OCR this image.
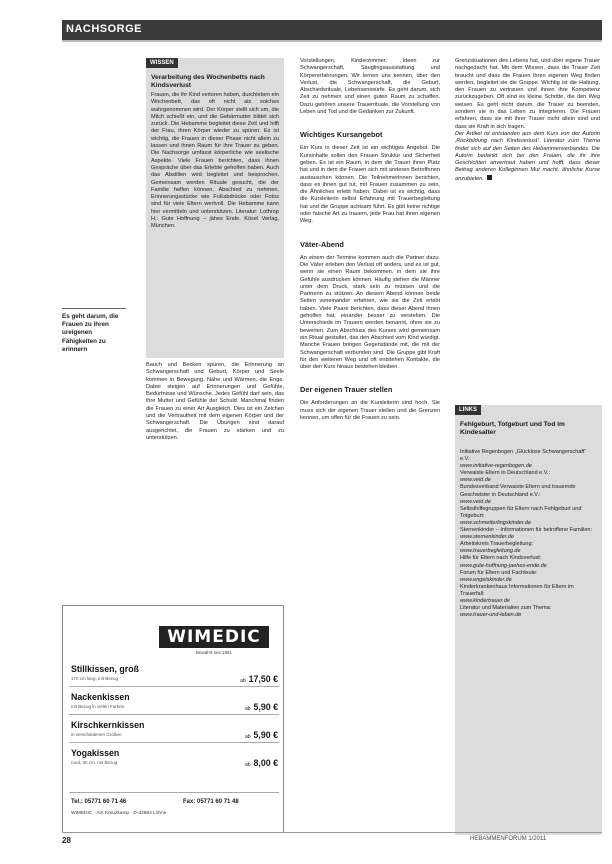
NACHSORGE
Es geht darum, die Frauen zu ihren ureigenen Fähigkeiten zu erinnern
WISSEN
Verarbeitung des Wochenbetts nach Kindsverlust
Frauen, die ihr Kind verloren haben, durchleben ein Wochenbett, das oft nicht als solches wahrgenommen wird. Der Körper stellt sich um, die Milch schießt ein, und die Gebärmutter bildet sich zurück. Die Hebamme begleitet diese Zeit und hilft der Frau, ihren Körper wieder zu spüren. Es ist wichtig, die Frauen in dieser Phase nicht allein zu lassen und ihnen Raum für ihre Trauer zu geben. Die Nachsorge umfasst körperliche wie seelische Aspekte. Viele Frauen berichten, dass ihnen Gespräche über das Erlebte geholfen haben. Auch das Abstillen wird begleitet und besprochen. Gemeinsam werden Rituale gesucht, die der Familie helfen können, Abschied zu nehmen. Erinnerungsstücke wie Fußabdrücke oder Fotos sind für viele Eltern wertvoll. Die Hebamme kann hier vermitteln und unterstützen. Literatur: Lothrop H.: Gute Hoffnung – jähes Ende. Kösel Verlag, München.

Bauch und Becken spüren, die Erinnerung an Schwangerschaft und Geburt, Körper und Seele kommen in Bewegung. Nähe und Wärmen, die Enge. Dabei steigen auf Erinnerungen und Gefühle, Bedürfnisse und Wünsche. Jedes Gefühl darf sein, das ihre Mutter und Gefühle der Schuld. Manchmal finden die Frauen zu einer Art Ausgleich. Dies ist ein Zeichen und die Vertrautheit mit dem eigenen Körper und der Schwangerschaft. Die Übungen sind darauf ausgerichtet, die Frauen zu stärken und zu unterstützen.

Vorstellungen, Kinderzimmer, Ideen zur Schwangerschaft, Säuglingsausstattung und Körpererfahrungen. Wir lernen uns kennen, über den Verlust, die Schwangerschaft, die Geburt, Abschiedsrituale, Lebensentwürfe. Es geht darum, sich Zeit zu nehmen und einen guten Raum zu schaffen. Dazu gehören unsere Trauerrituale, die Vorstellung von Leben und Tod und die Gedanken zur Zukunft.

Wichtiges Kursangebot

Ein Kurs in dieser Zeit ist ein wichtiges Angebot. Die Kursinhalte sollen den Frauen Struktur und Sicherheit geben. Es ist ein Raum, in dem die Trauer ihren Platz hat und in dem die Frauen sich mit anderen Betroffenen austauschen können. Die Teilnehmerinnen berichten, dass es ihnen gut tut, mit Frauen zusammen zu sein, die Ähnliches erlebt haben. Dabei ist es wichtig, dass die Kursleiterin selbst Erfahrung mit Trauerbegleitung hat und die Gruppe achtsam führt. Es gibt keine richtige oder falsche Art zu trauern, jede Frau hat ihren eigenen Weg.

Väter-Abend

An einem der Termine kommen auch die Partner dazu. Die Väter erleben den Verlust oft anders, und es ist gut, wenn sie einen Raum bekommen, in dem sie ihre Gefühle ausdrücken können. Häufig stehen die Männer unter dem Druck, stark sein zu müssen und die Partnerin zu stützen. An diesem Abend können beide Seiten voneinander erfahren, wie sie die Zeit erlebt haben. Viele Paare berichten, dass dieser Abend ihnen geholfen hat, einander besser zu verstehen. Die Unterschiede im Trauern werden benannt, ohne sie zu bewerten. Zum Abschluss des Kurses wird gemeinsam ein Ritual gestaltet, das den Abschied vom Kind würdigt. Manche Frauen bringen Gegenstände mit, die mit der Schwangerschaft verbunden sind. Die Gruppe gibt Kraft für den weiteren Weg und oft entstehen Kontakte, die über den Kurs hinaus bestehen bleiben.

Der eigenen Trauer stellen

Die Anforderungen an die Kursleiterin sind hoch. Sie muss sich der eigenen Trauer stellen und die Grenzen kennen, um offen für die Frauen zu sein.

Grenzsituationen des Lebens hat, und über eigene Trauer nachgedacht hat. Mit dem Wissen, dass die Trauer Zeit braucht und dass die Frauen ihren eigenen Weg finden werden, begleitet sie die Gruppe. Wichtig ist die Haltung, den Frauen zu vertrauen und ihnen ihre Kompetenz zurückzugeben. Oft sind es kleine Schritte, die den Weg weisen. Es geht nicht darum, die Trauer zu beenden, sondern sie in das Leben zu integrieren. Die Frauen erfahren, dass sie mit ihrer Trauer nicht allein sind und dass sie Kraft in sich tragen.

Der Artikel ist entstanden aus dem Kurs von der Autorin ‚Rückbildung nach Kindsverlust'. Literatur zum Thema findet sich auf den Seiten des Hebammenverbandes. Die Autorin bedankt sich bei den Frauen, die ihr ihre Geschichten anvertraut haben und hofft, dass dieser Beitrag anderen Kolleginnen Mut macht, ähnliche Kurse anzubieten.

LINKS
Fehlgeburt, Totgeburt und Tod im Kindesalter
Initiative Regenbogen „Glücklose Schwangerschaft“ e.V.:
www.initiative-regenbogen.de
Verwaiste Eltern in Deutschland e.V.:
www.veid.de
Bundesverband Verwaiste Eltern und trauernde Geschwister in Deutschland e.V.:
www.veid.de
Selbsthilfegruppen für Eltern nach Fehlgeburt und Totgeburt:
www.schmetterlingskinder.de
Sternenkinder – Informationen für betroffene Familien:
www.sternenkinder.de
Arbeitskreis Trauerbegleitung:
www.trauerbegleitung.de
Hilfe für Eltern nach Kindsverlust:
www.gute-hoffnung-jaehes-ende.de
Forum für Eltern und Fachleute:
www.engelskinder.de
Kinderkrankenhaus Informationen für Eltern im Trauerfall:
www.kindertrauer.de
Literatur und Materialien zum Thema:
www.trauer-und-leben.de
WIMEDIC
Bewährt seit 1981
Stillkissen, groß
170 cm lang, mit Bezug	ab 17,50 €
Nackenkissen
mit Bezug in vielen Farben	ab 5,90 €
Kirschkernkissen
in verschiedenen Größen	ab 5,90 €
Yogakissen
rund, 30 cm, mit Bezug	ab 8,00 €
Tel.: 05771 60 71 46	Fax: 05771 60 71 48
WIMEDIC · Am Kreuzkamp · D-32584 Löhne
28	HEBAMMENFORUM 1/2011
